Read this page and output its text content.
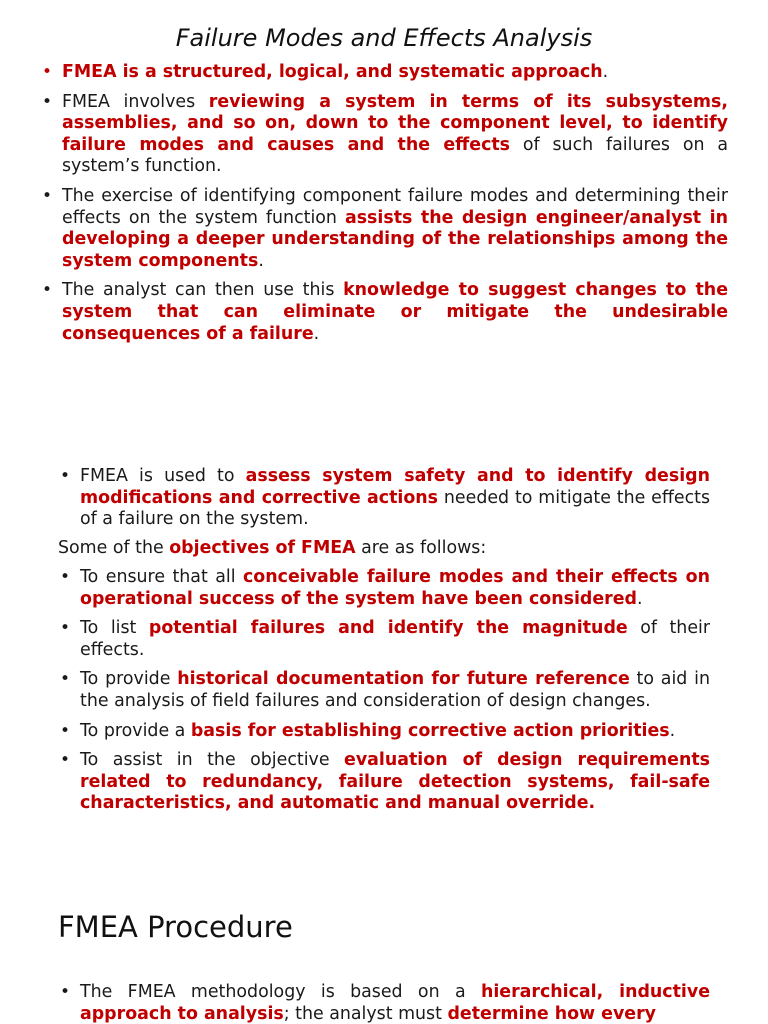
Failure Modes and Effects Analysis
• FMEA is a structured, logical, and systematic approach.
• FMEA involves reviewing a system in terms of its subsystems, assemblies, and so on, down to the component level, to identify failure modes and causes and the effects of such failures on a system’s function.
• The exercise of identifying component failure modes and determining their effects on the system function assists the design engineer/analyst in developing a deeper understanding of the relationships among the system components.
• The analyst can then use this knowledge to suggest changes to the system that can eliminate or mitigate the undesirable consequences of a failure.
• FMEA is used to assess system safety and to identify design modifications and corrective actions needed to mitigate the effects of a failure on the system.
Some of the objectives of FMEA are as follows:
• To ensure that all conceivable failure modes and their effects on operational success of the system have been considered.
• To list potential failures and identify the magnitude of their effects.
• To provide historical documentation for future reference to aid in the analysis of field failures and consideration of design changes.
• To provide a basis for establishing corrective action priorities.
• To assist in the objective evaluation of design requirements related to redundancy, failure detection systems, fail-safe characteristics, and automatic and manual override.
FMEA Procedure
• The FMEA methodology is based on a hierarchical, inductive approach to analysis; the analyst must determine how every
